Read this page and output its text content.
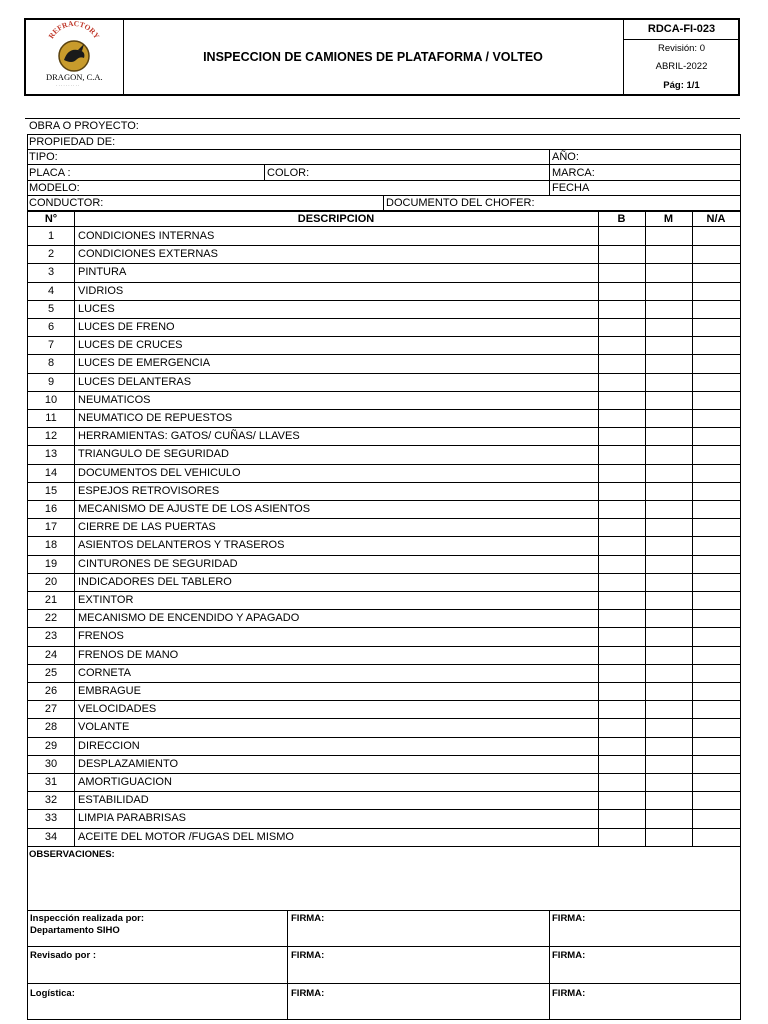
REFRACTORY
DRAGON, C.A.
· · · · · · · · · ·
INSPECCION DE CAMIONES DE PLATAFORMA / VOLTEO
RDCA-FI-023
Revisión: 0
ABRIL-2022
Pág: 1/1
OBRA O PROYECTO:
PROPIEDAD DE:
TIPO:	AÑO:
PLACA :	COLOR:	MARCA:
MODELO:	FECHA
CONDUCTOR:	DOCUMENTO DEL CHOFER:
N°	DESCRIPCION	B	M	N/A
1	CONDICIONES INTERNAS
2	CONDICIONES EXTERNAS
3	PINTURA
4	VIDRIOS
5	LUCES
6	LUCES DE FRENO
7	LUCES DE CRUCES
8	LUCES DE EMERGENCIA
9	LUCES DELANTERAS
10	NEUMATICOS
11	NEUMATICO DE REPUESTOS
12	HERRAMIENTAS: GATOS/ CUÑAS/ LLAVES
13	TRIANGULO DE SEGURIDAD
14	DOCUMENTOS DEL VEHICULO
15	ESPEJOS RETROVISORES
16	MECANISMO DE AJUSTE DE LOS ASIENTOS
17	CIERRE DE LAS PUERTAS
18	ASIENTOS DELANTEROS Y TRASEROS
19	CINTURONES DE SEGURIDAD
20	INDICADORES DEL TABLERO
21	EXTINTOR
22	MECANISMO DE ENCENDIDO Y APAGADO
23	FRENOS
24	FRENOS DE MANO
25	CORNETA
26	EMBRAGUE
27	VELOCIDADES
28	VOLANTE
29	DIRECCION
30	DESPLAZAMIENTO
31	AMORTIGUACION
32	ESTABILIDAD
33	LIMPIA PARABRISAS
34	ACEITE DEL MOTOR /FUGAS DEL MISMO
OBSERVACIONES:
Inspección realizada por:
Departamento SIHO
FIRMA:	FIRMA:
Revisado por :	FIRMA:	FIRMA:
Logística:	FIRMA:	FIRMA:
